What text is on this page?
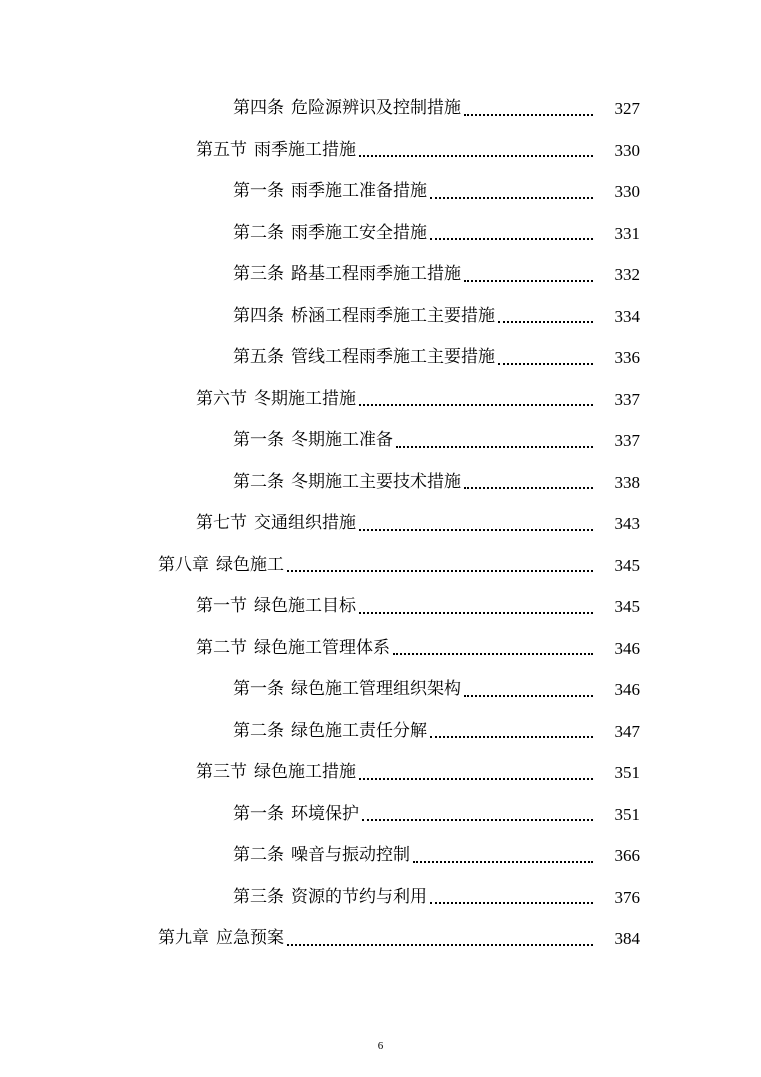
第四条 危险源辨识及控制措施	327
第五节 雨季施工措施	330
第一条 雨季施工准备措施	330
第二条 雨季施工安全措施	331
第三条 路基工程雨季施工措施	332
第四条 桥涵工程雨季施工主要措施	334
第五条 管线工程雨季施工主要措施	336
第六节 冬期施工措施	337
第一条 冬期施工准备	337
第二条 冬期施工主要技术措施	338
第七节 交通组织措施	343
第八章 绿色施工	345
第一节 绿色施工目标	345
第二节 绿色施工管理体系	346
第一条 绿色施工管理组织架构	346
第二条 绿色施工责任分解	347
第三节 绿色施工措施	351
第一条 环境保护	351
第二条 噪音与振动控制	366
第三条 资源的节约与利用	376
第九章 应急预案	384
6
